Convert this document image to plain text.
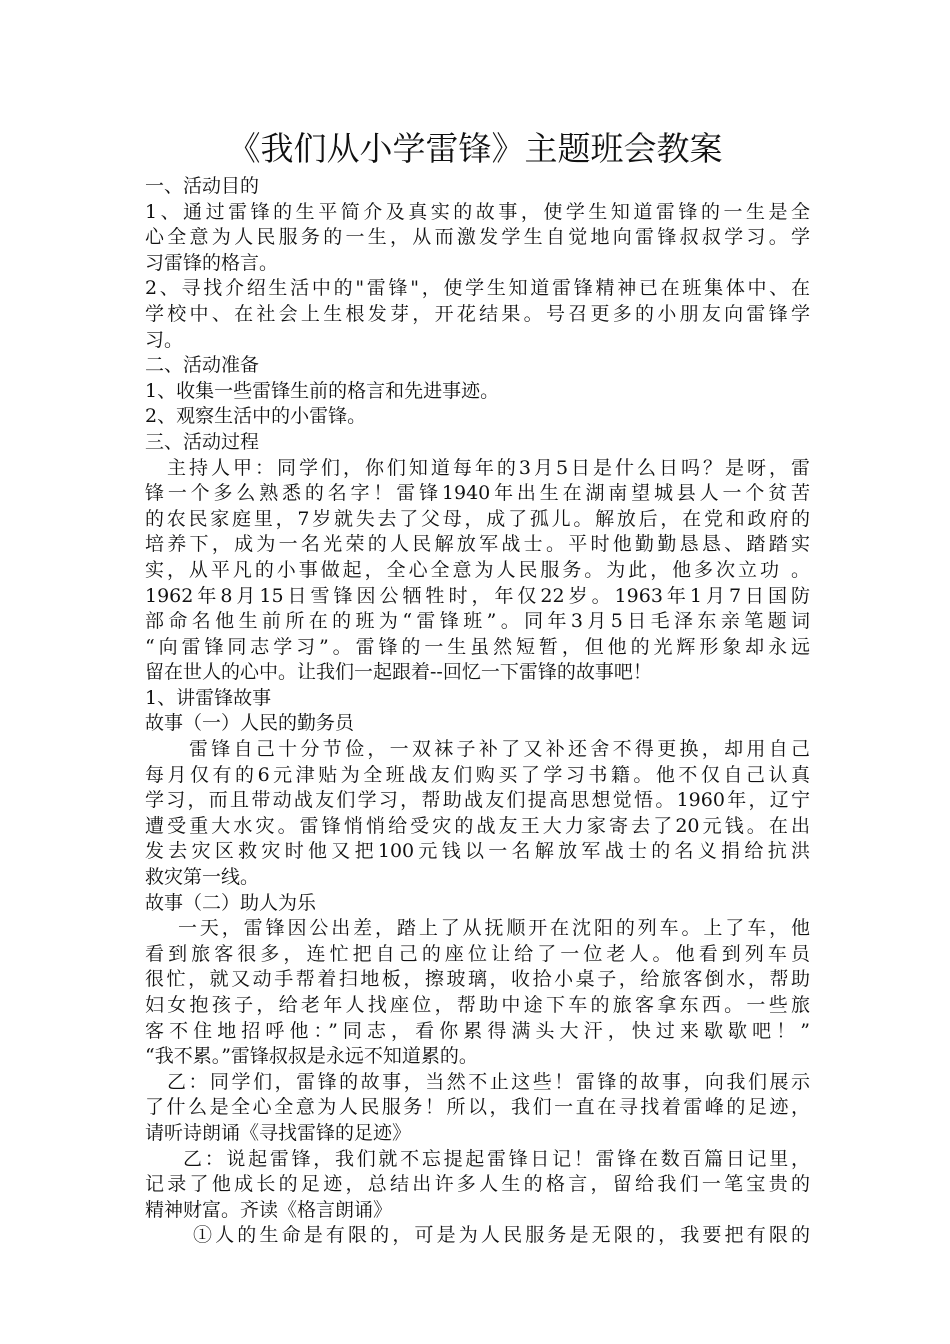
《我们从小学雷锋》主题班会教案
一、活动目的
1、通过雷锋的生平简介及真实的故事，使学生知道雷锋的一生是全
心全意为人民服务的一生，从而激发学生自觉地向雷锋叔叔学习。学
习雷锋的格言。
2、寻找介绍生活中的"雷锋"，使学生知道雷锋精神已在班集体中、在
学校中、在社会上生根发芽，开花结果。号召更多的小朋友向雷锋学
习。
二、活动准备
1、收集一些雷锋生前的格言和先进事迹。
2、观察生活中的小雷锋。
三、活动过程
主持人甲：同学们，你们知道每年的3月5日是什么日吗？是呀，雷
锋一个多么熟悉的名字！雷锋1940年出生在湖南望城县人一个贫苦
的农民家庭里，7岁就失去了父母，成了孤儿。解放后，在党和政府的
培养下，成为一名光荣的人民解放军战士。平时他勤勤恳恳、踏踏实
实，从平凡的小事做起，全心全意为人民服务。为此，他多次立功 。
1962年8月15日雪锋因公牺牲时，年仅22岁。1963年1月7日国防
部命名他生前所在的班为“雷锋班”。同年3月5日毛泽东亲笔题词
“向雷锋同志学习”。雷锋的一生虽然短暂，但他的光辉形象却永远
留在世人的心中。让我们一起跟着--回忆一下雷锋的故事吧！
1、讲雷锋故事
故事（一）人民的勤务员
雷锋自己十分节俭，一双袜子补了又补还舍不得更换，却用自己
每月仅有的6元津贴为全班战友们购买了学习书籍。他不仅自己认真
学习，而且带动战友们学习，帮助战友们提高思想觉悟。1960年，辽宁
遭受重大水灾。雷锋悄悄给受灾的战友王大力家寄去了20元钱。在出
发去灾区救灾时他又把100元钱以一名解放军战士的名义捐给抗洪
救灾第一线。
故事（二）助人为乐
一天，雷锋因公出差，踏上了从抚顺开在沈阳的列车。上了车，他
看到旅客很多，连忙把自己的座位让给了一位老人。他看到列车员
很忙，就又动手帮着扫地板，擦玻璃，收拾小桌子，给旅客倒水，帮助
妇女抱孩子，给老年人找座位，帮助中途下车的旅客拿东西。一些旅
客不住地招呼他：”同志，看你累得满头大汗，快过来歇歇吧！”
“我不累。”雷锋叔叔是永远不知道累的。
乙：同学们，雷锋的故事，当然不止这些！雷锋的故事，向我们展示
了什么是全心全意为人民服务！所以，我们一直在寻找着雷峰的足迹，
请听诗朗诵《寻找雷锋的足迹》
乙：说起雷锋，我们就不忘提起雷锋日记！雷锋在数百篇日记里，
记录了他成长的足迹，总结出许多人生的格言，留给我们一笔宝贵的
精神财富。齐读《格言朗诵》
①人的生命是有限的，可是为人民服务是无限的，我要把有限的
